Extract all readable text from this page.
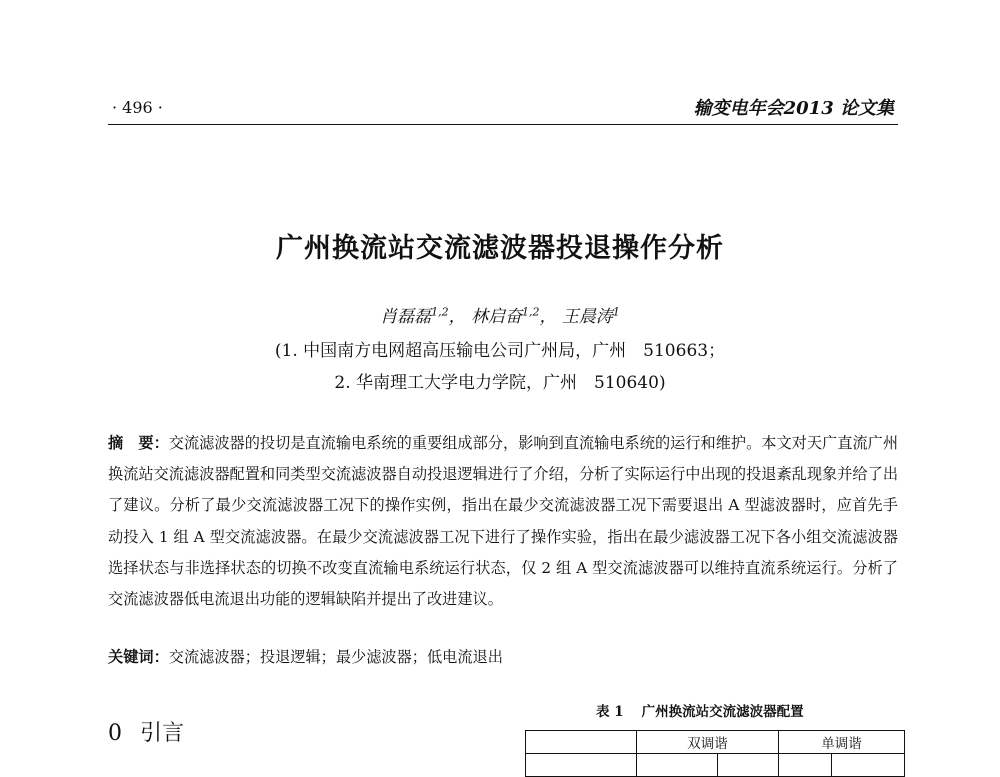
· 496 ·	输变电年会2013 论文集
广州换流站交流滤波器投退操作分析
肖磊磊$^{1,2}$， 林启奋$^{1,2}$， 王晨涛$^1$
(1. 中国南方电网超高压输电公司广州局，广州　510663；
2. 华南理工大学电力学院，广州　510640)
摘　要：交流滤波器的投切是直流输电系统的重要组成部分，影响到直流输电系统的运行和维护。本文对天广直流广州换流站交流滤波器配置和同类型交流滤波器自动投退逻辑进行了介绍，分析了实际运行中出现的投退紊乱现象并给了出了建议。分析了最少交流滤波器工况下的操作实例，指出在最少交流滤波器工况下需要退出 A 型滤波器时，应首先手动投入 1 组 A 型交流滤波器。在最少交流滤波器工况下进行了操作实验，指出在最少滤波器工况下各小组交流滤波器选择状态与非选择状态的切换不改变直流输电系统运行状态，仅 2 组 A 型交流滤波器可以维持直流系统运行。分析了交流滤波器低电流退出功能的逻辑缺陷并提出了改进建议。
关键词：交流滤波器；投退逻辑；最少滤波器；低电流退出
0 引言
表 1 广州换流站交流滤波器配置
	双调谐		单调谐	
